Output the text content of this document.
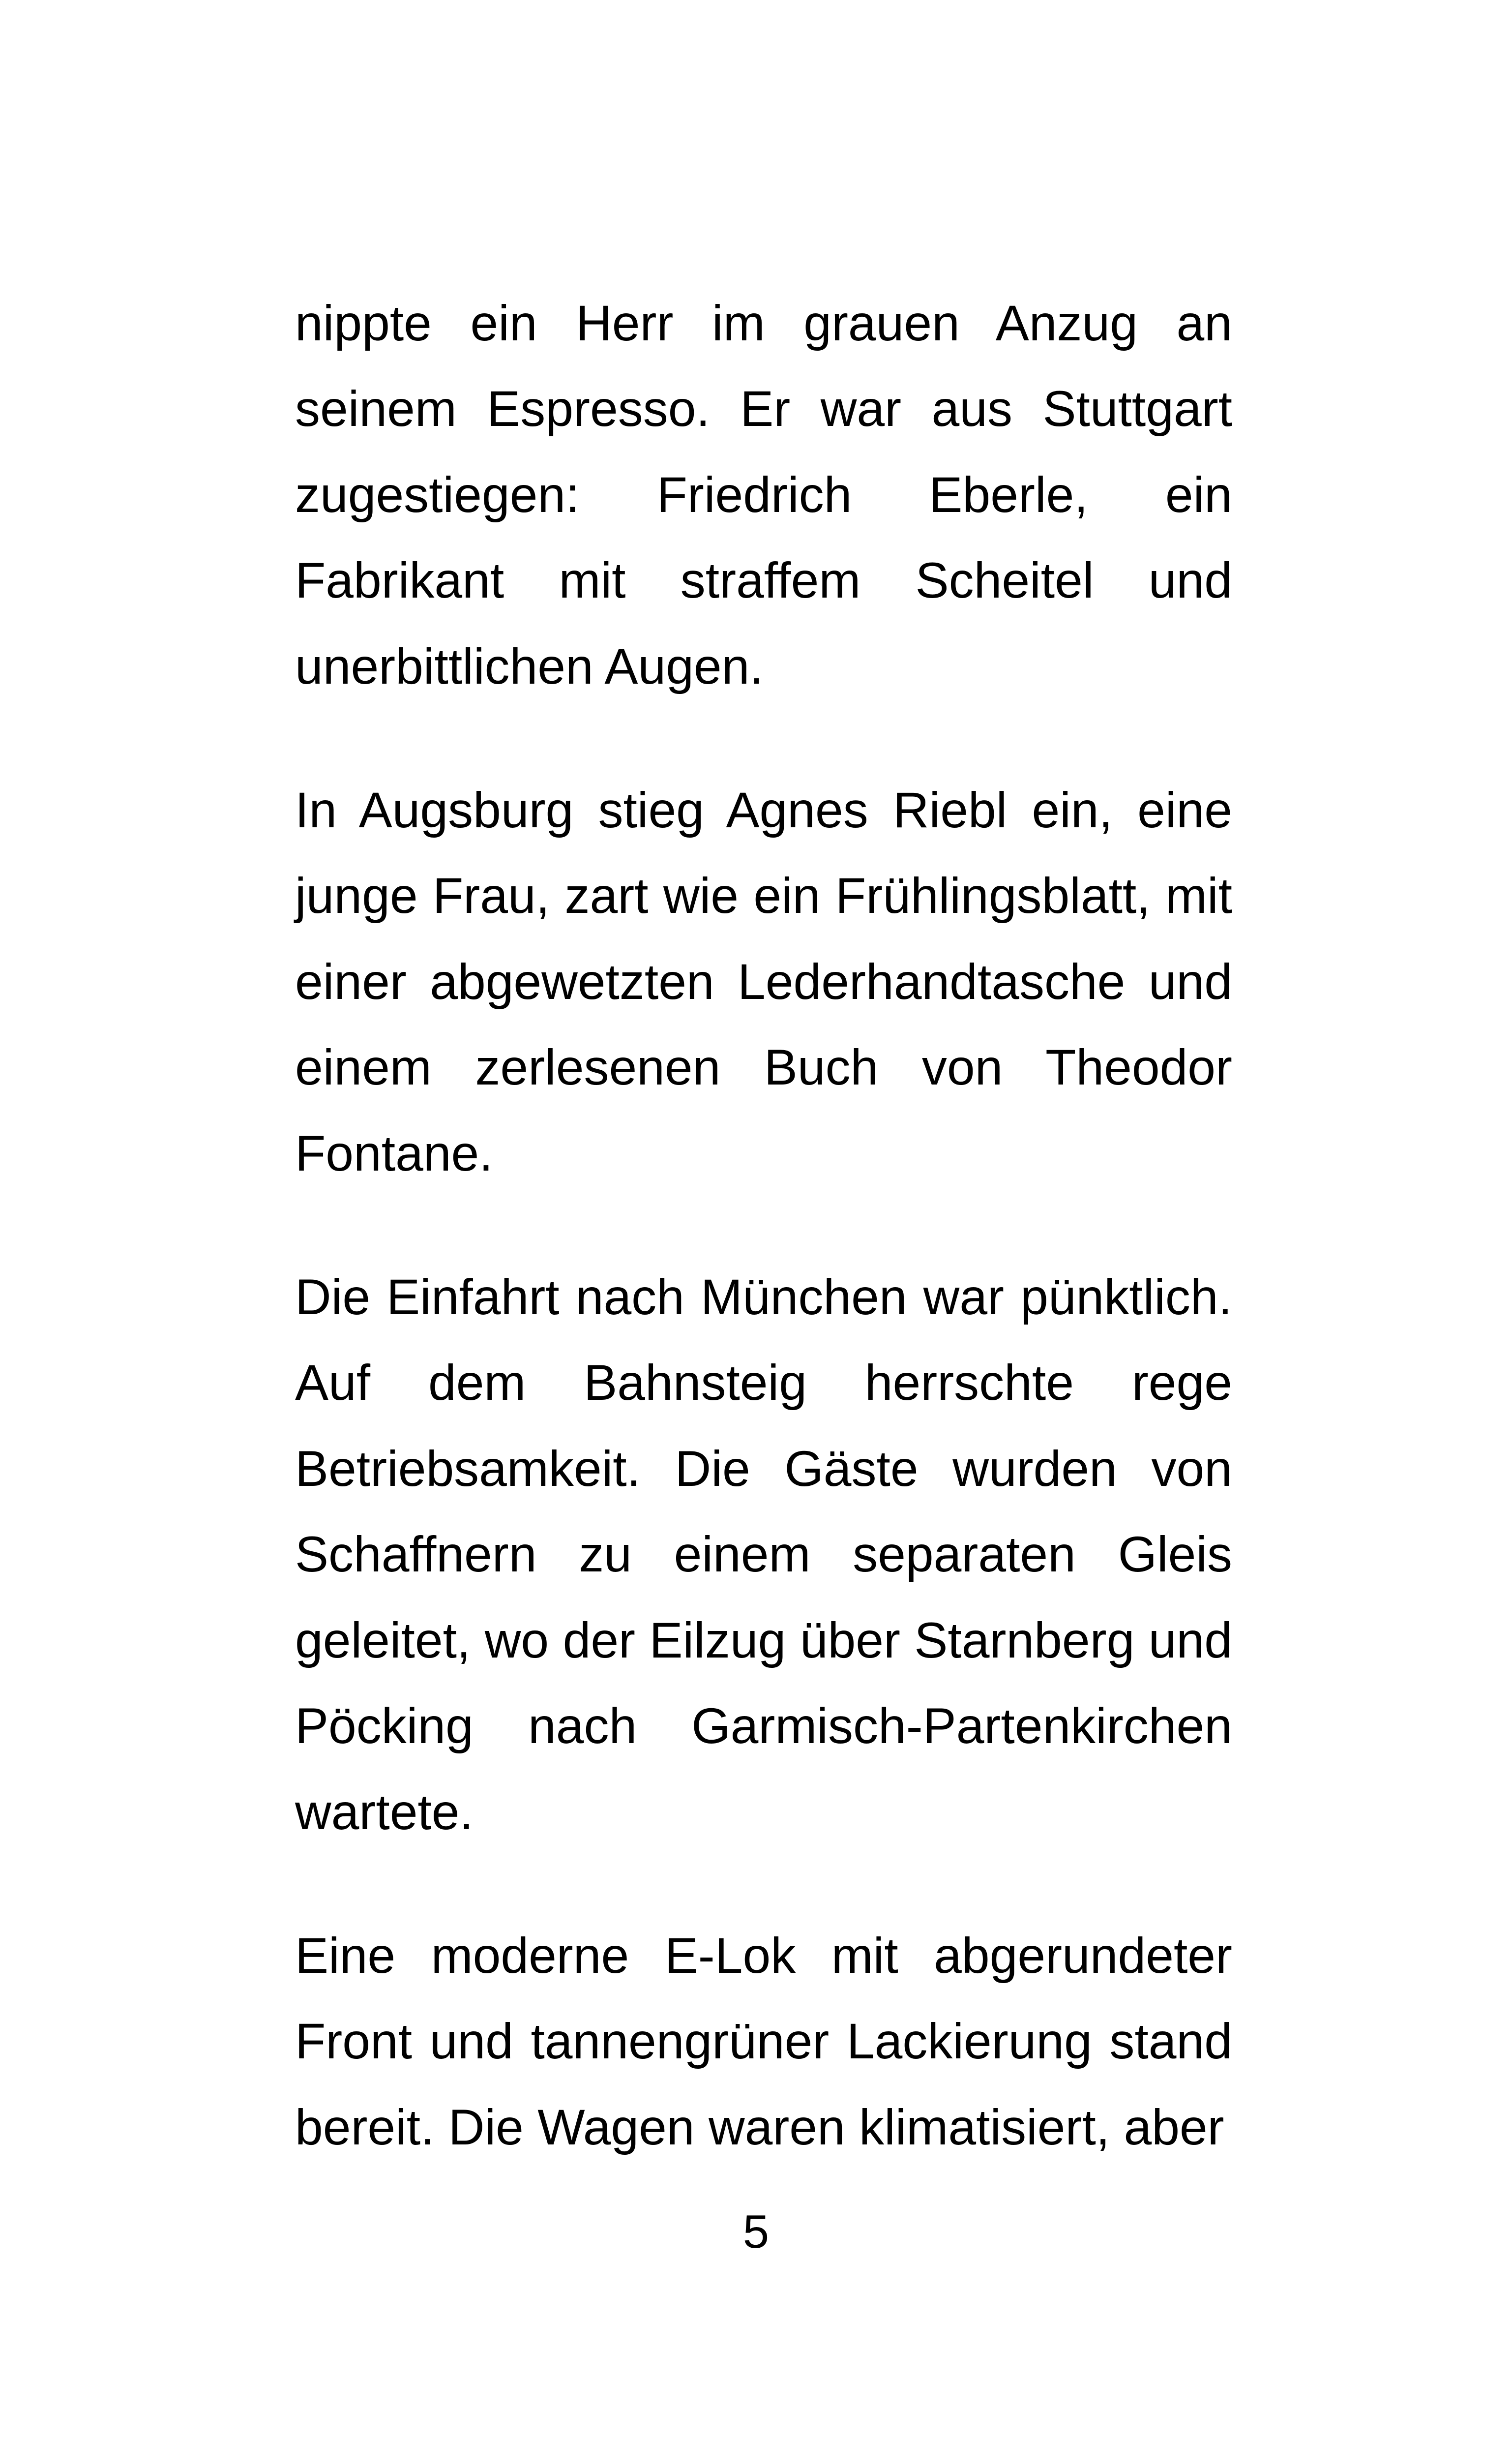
nippte ein Herr im grauen Anzug an seinem Espresso. Er war aus Stuttgart zugestiegen: Friedrich Eberle, ein Fabrikant mit straffem Scheitel und unerbittlichen Augen.

In Augsburg stieg Agnes Riebl ein, eine junge Frau, zart wie ein Frühlingsblatt, mit einer abgewetzten Lederhandtasche und einem zerlesenen Buch von Theodor Fontane.

Die Einfahrt nach München war pünktlich. Auf dem Bahnsteig herrschte rege Betriebsamkeit. Die Gäste wurden von Schaffnern zu einem separaten Gleis geleitet, wo der Eilzug über Starnberg und Pöcking nach Garmisch-Partenkirchen wartete.

Eine moderne E-Lok mit abgerundeter Front und tannengrüner Lackierung stand bereit. Die Wagen waren klimatisiert, aber

5
